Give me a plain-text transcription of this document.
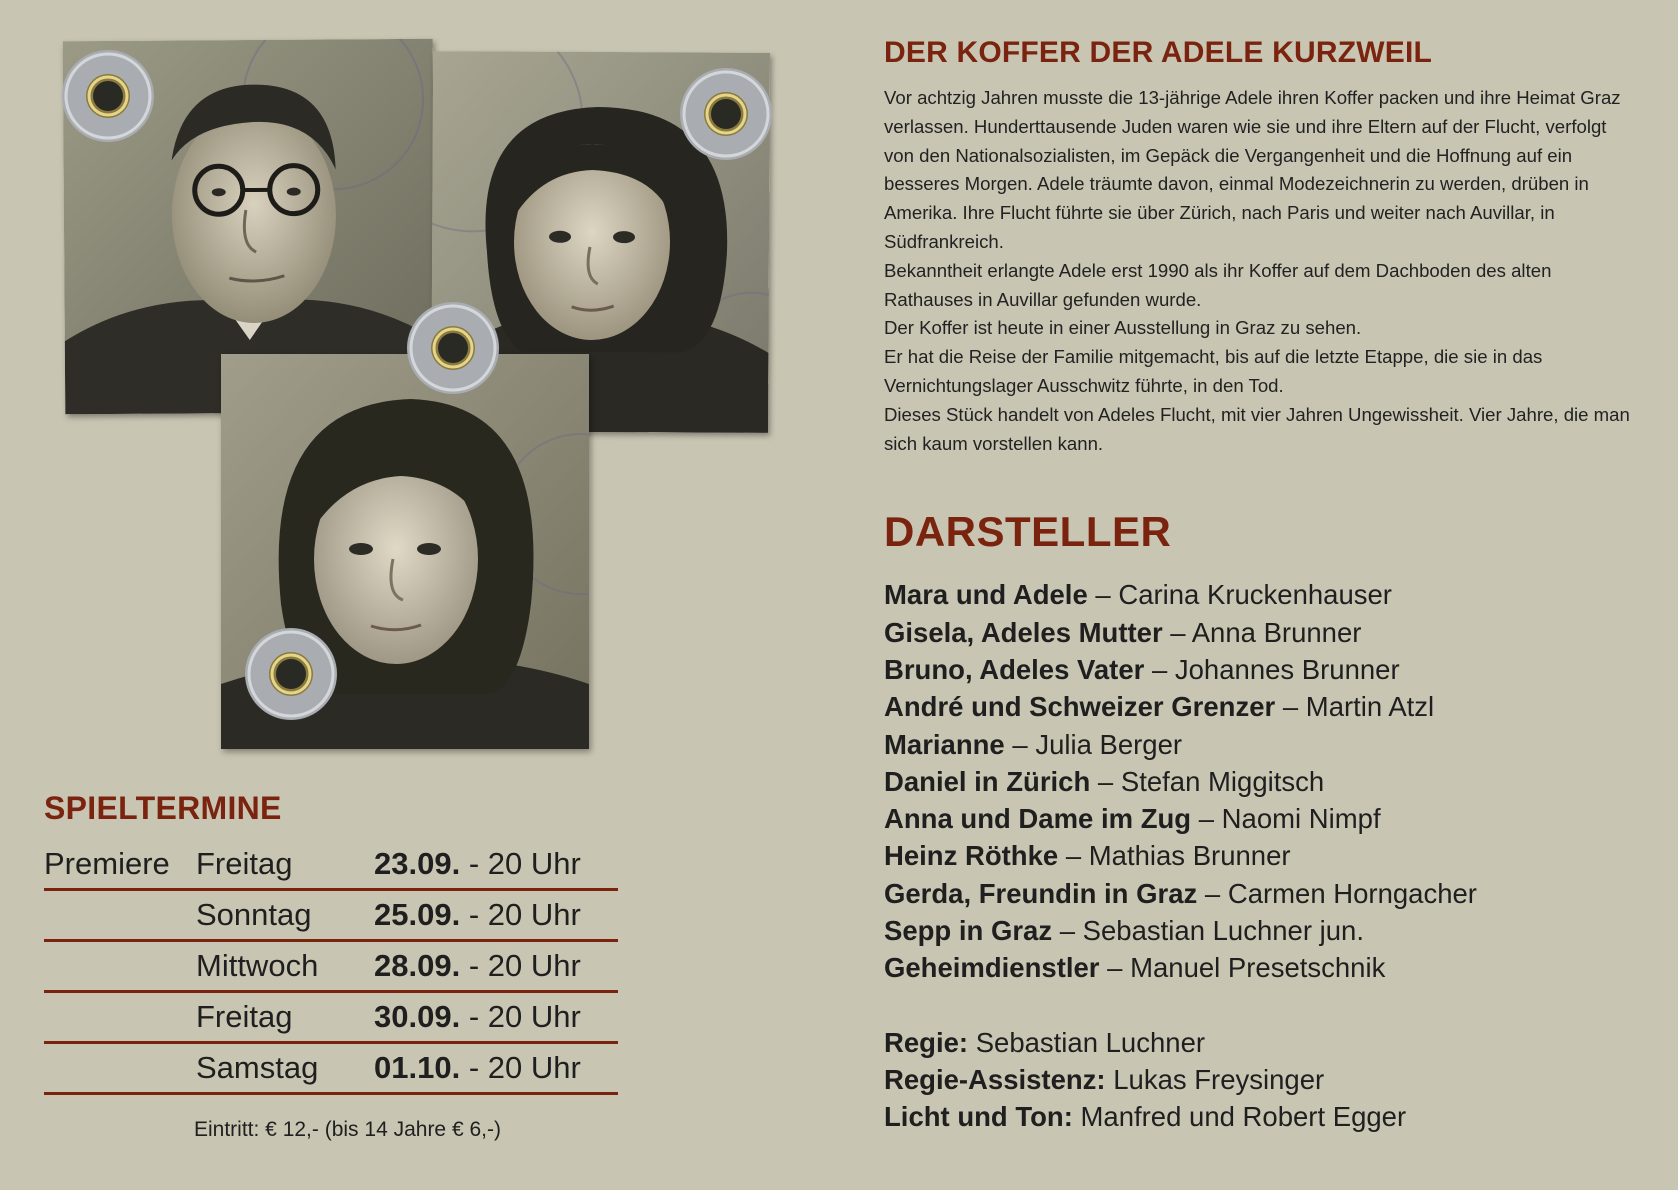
SPIELTERMINE
Premiere	Freitag	23.09. - 20 Uhr
	Sonntag	25.09. - 20 Uhr
	Mittwoch	28.09. - 20 Uhr
	Freitag	30.09. - 20 Uhr
	Samstag	01.10. - 20 Uhr
Eintritt: € 12,- (bis 14 Jahre € 6,-)
DER KOFFER DER ADELE KURZWEIL

Vor achtzig Jahren musste die 13-jährige Adele ihren Koffer packen und ihre Heimat Graz verlassen. Hunderttausende Juden waren wie sie und ihre Eltern auf der Flucht, verfolgt von den Nationalsozialisten, im Gepäck die Vergangenheit und die Hoffnung auf ein besseres Morgen. Adele träumte davon, einmal Modezeichnerin zu werden, drüben in Amerika. Ihre Flucht führte sie über Zürich, nach Paris und weiter nach Auvillar, in Südfrankreich.

Bekanntheit erlangte Adele erst 1990 als ihr Koffer auf dem Dachboden des alten Rathauses in Auvillar gefunden wurde.

Der Koffer ist heute in einer Ausstellung in Graz zu sehen.

Er hat die Reise der Familie mitgemacht, bis auf die letzte Etappe, die sie in das Vernichtungslager Ausschwitz führte, in den Tod.

Dieses Stück handelt von Adeles Flucht, mit vier Jahren Ungewissheit. Vier Jahre, die man sich kaum vorstellen kann.

DARSTELLER
Mara und Adele – Carina Kruckenhauser
Gisela, Adeles Mutter – Anna Brunner
Bruno, Adeles Vater – Johannes Brunner
André und Schweizer Grenzer – Martin Atzl
Marianne – Julia Berger
Daniel in Zürich – Stefan Miggitsch
Anna und Dame im Zug – Naomi Nimpf
Heinz Röthke – Mathias Brunner
Gerda, Freundin in Graz – Carmen Horngacher
Sepp in Graz – Sebastian Luchner jun.
Geheimdienstler – Manuel Presetschnik
Regie: Sebastian Luchner
Regie-Assistenz: Lukas Freysinger
Licht und Ton: Manfred und Robert Egger
